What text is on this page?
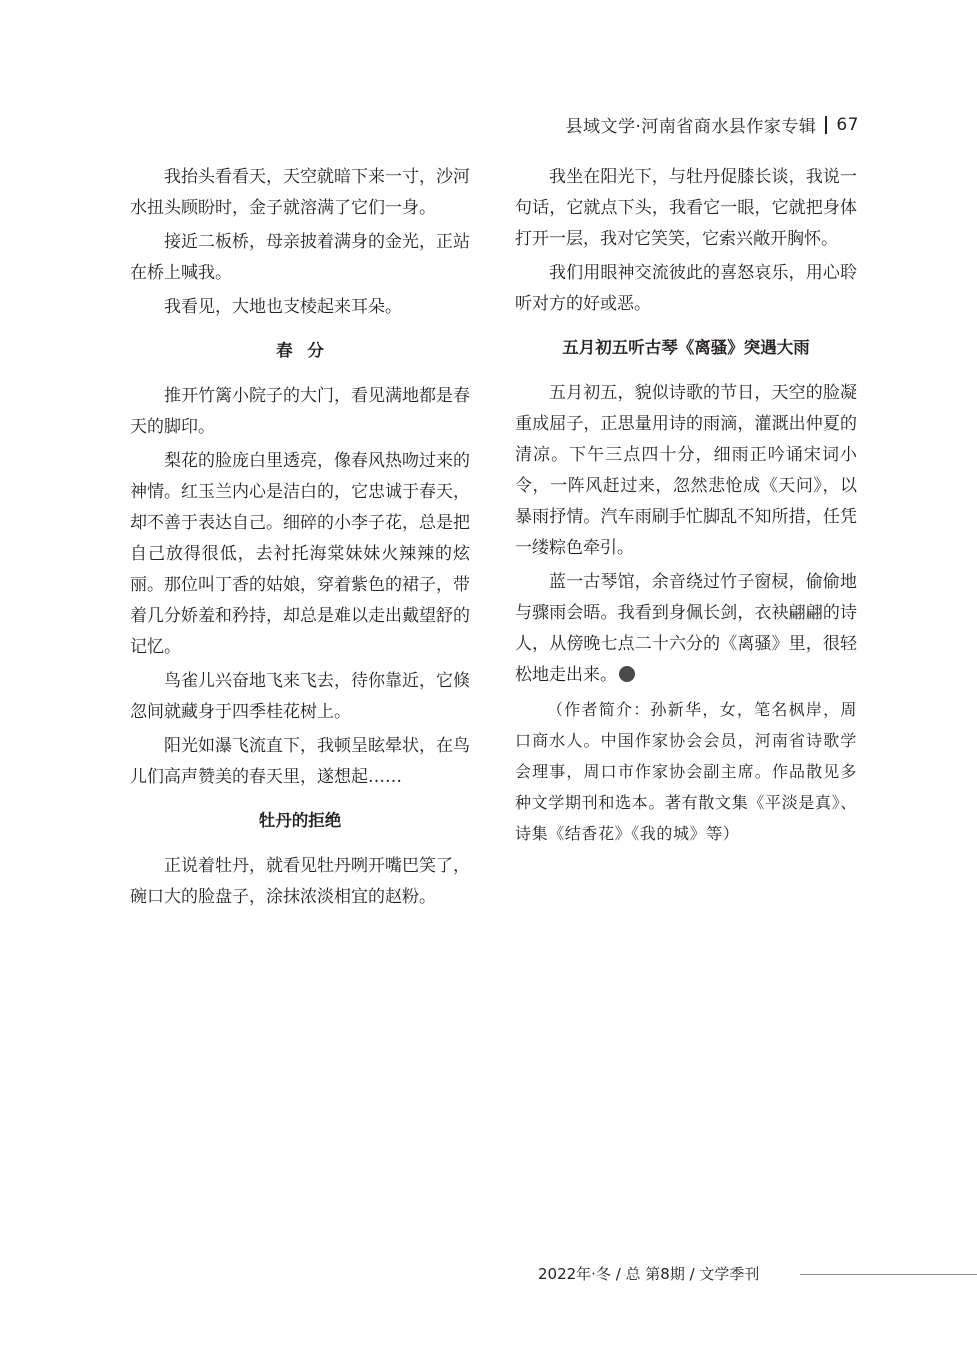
县域文学·河南省商水县作家专辑 67

我抬头看看天，天空就暗下来一寸，沙河水扭头顾盼时，金子就溶满了它们一身。

接近二板桥，母亲披着满身的金光，正站在桥上喊我。

我看见，大地也支棱起来耳朵。

春分

推开竹篱小院子的大门，看见满地都是春天的脚印。

梨花的脸庞白里透亮，像春风热吻过来的神情。红玉兰内心是洁白的，它忠诚于春天，却不善于表达自己。细碎的小李子花，总是把自己放得很低，去衬托海棠妹妹火辣辣的炫丽。那位叫丁香的姑娘，穿着紫色的裙子，带着几分娇羞和矜持，却总是难以走出戴望舒的记忆。

鸟雀儿兴奋地飞来飞去，待你靠近，它倏忽间就藏身于四季桂花树上。

阳光如瀑飞流直下，我顿呈眩晕状，在鸟儿们高声赞美的春天里，遂想起……

牡丹的拒绝

正说着牡丹，就看见牡丹咧开嘴巴笑了，碗口大的脸盘子，涂抹浓淡相宜的赵粉。

我坐在阳光下，与牡丹促膝长谈，我说一句话，它就点下头，我看它一眼，它就把身体打开一层，我对它笑笑，它索兴敞开胸怀。

我们用眼神交流彼此的喜怒哀乐，用心聆听对方的好或恶。

五月初五听古琴《离骚》突遇大雨

五月初五，貌似诗歌的节日，天空的脸凝重成屈子，正思量用诗的雨滴，灌溉出仲夏的清凉。下午三点四十分，细雨正吟诵宋词小令，一阵风赶过来，忽然悲怆成《天问》，以暴雨抒情。汽车雨刷手忙脚乱不知所措，任凭一缕粽色牵引。

蓝一古琴馆，余音绕过竹子窗棂，偷偷地与骤雨会晤。我看到身佩长剑，衣袂翩翩的诗人，从傍晚七点二十六分的《离骚》里，很轻松地走出来。

（作者简介：孙新华，女，笔名枫岸，周口商水人。中国作家协会会员，河南省诗歌学会理事，周口市作家协会副主席。作品散见多种文学期刊和选本。著有散文集《平淡是真》、诗集《结香花》《我的城》等）

2022年·冬 / 总 第8期 / 文学季刊
